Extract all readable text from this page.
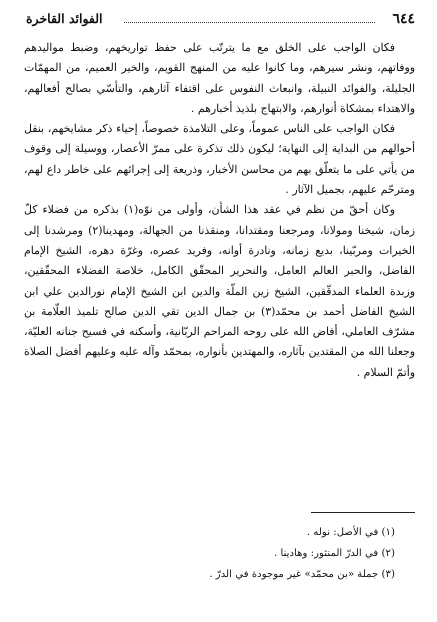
٦٤٤
الفوائد القاخرة

فكان الواجب على الخلق مع ما يترتّب على حفظ تواريخهم، وضبط مواليدهم ووفاتهم، ونشر سيرهم، وما كانوا عليه من المنهج القويم، والخير العميم، من المهمّات الجليلة، والفوائد النبيلة، وانبعاث النفوس على اقتفاء آثارهم، والتأسّي بصالح أفعالهم، والاهتداء بمشكاة أنوارهم، والابتهاج بلذيذ أخبارهم .

فكان الواجب على الناس عموماً، وعلى التلامذة خصوصاً، إحياء ذكر مشايخهم، بنقل أحوالهم من البداية إلى النهاية؛ ليكون ذلك تذكرة على ممرّ الأعصار، ووسيلة إلى وقوف من يأتي على ما يتعلّق بهم من محاسن الأخبار، وذريعة إلى إجرائهم على خاطر داع لهم، ومترحّم عليهم، بجميل الآثار .

وكان أحقّ من نظم في عقد هذا الشأن، وأولى من نوّه(١) بذكره من فضلاء كلّ زمان، شيخنا ومولانا، ومرجعنا ومقتدانا، ومنقذنا من الجهالة، ومهدينا(٢) ومرشدنا إلى الخيرات ومربّينا، بديع زمانه، ونادرة أوانه، وفريد عصره، وغرّة دهره، الشيخ الإمام الفاضل، والحبر العالم العامل، والنحرير المحقّق الكامل، خلاصة الفضلاء المحقّقين، وزبدة العلماء المدقّقين، الشيخ زين الملّة والدين ابن الشيخ الإمام نورالدين علي ابن الشيخ الفاضل أحمد بن محمّد(٣) بن جمال الدين تقي الدين صالح تلميذ العلّامة بن مشرّف العاملي، أفاض الله على روحه المراحم الربّانية، وأسكنه في فسيح جنانه العليّة، وجعلنا الله من المقتدين بآثاره، والمهتدين بأنواره، بمحمّد وآله عليه وعليهم أفضل الصلاة وأتمّ السلام .

(١) في الأصل: نوله .
(٢) في الدرّ المنثور: وهادينا .
(٣) جملة «بن محمّد» غير موجودة في الدرّ .
